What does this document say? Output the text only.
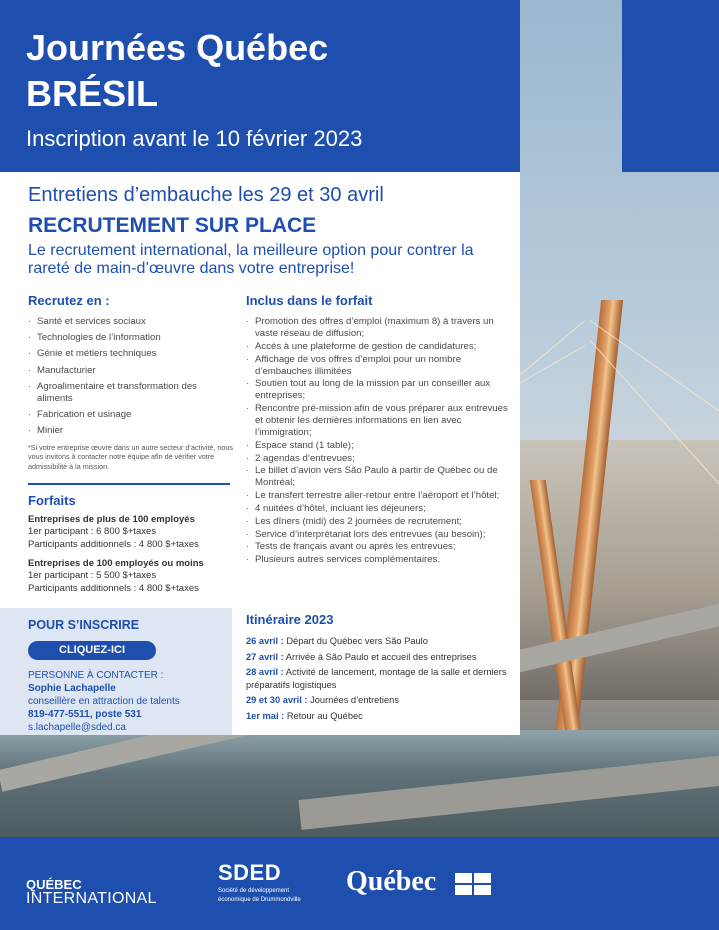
Journées Québec
BRÉSIL
Inscription avant le 10 février 2023
Entretiens d’embauche les 29 et 30 avril
RECRUTEMENT SUR PLACE
Le recrutement international, la meilleure option pour contrer la rareté de main-d’œuvre dans votre entreprise!
Recrutez en :
· Santé et services sociaux
· Technologies de l’information
· Génie et métiers techniques
· Manufacturier
· Agroalimentaire et transformation des aliments
· Fabrication et usinage
· Minier
*Si votre entreprise œuvre dans un autre secteur d’activité, nous vous invitons à contacter notre équipe afin de vérifier votre admissibilité à la mission.
Forfaits
Entreprises de plus de 100 employés
1er participant : 6 800 $+taxes
Participants additionnels : 4 800 $+taxes
Entreprises de 100 employés ou moins
1er participant : 5 500 $+taxes
Participants additionnels : 4 800 $+taxes
Inclus dans le forfait
· Promotion des offres d’emploi (maximum 8) à travers un vaste réseau de diffusion;
· Accès à une plateforme de gestion de candidatures;
· Affichage de vos offres d’emploi pour un nombre d’embauches illimitées
· Soutien tout au long de la mission par un conseiller aux entreprises;
· Rencontre pré-mission afin de vous préparer aux entrevues et obtenir les dernières informations en lien avec l’immigration;
· Espace stand (1 table);
· 2 agendas d’entrevues;
· Le billet d’avion vers São Paulo à partir de Québec ou de Montréal;
· Le transfert terrestre aller-retour entre l’aéroport et l’hôtel;
· 4 nuitées d’hôtel, incluant les déjeuners;
· Les dîners (midi) des 2 journées de recrutement;
· Service d’interprétariat lors des entrevues (au besoin);
· Tests de français avant ou après les entrevues;
· Plusieurs autres services complémentaires.
Itinéraire 2023
26 avril : Départ du Québec vers São Paulo
27 avril : Arrivée à São Paulo et accueil des entreprises
28 avril : Activité de lancement, montage de la salle et derniers préparatifs logistiques
29 et 30 avril : Journées d’entretiens
1er mai : Retour au Québec
POUR S’INSCRIRE
CLIQUEZ-ICI
PERSONNE À CONTACTER :
Sophie Lachapelle
conseillère en attraction de talents
819-477-5511, poste 531
s.lachapelle@sded.ca
QUÉBEC
INTERNATIONAL
SDED
Société de développement
économique de Drummondville
Québec
